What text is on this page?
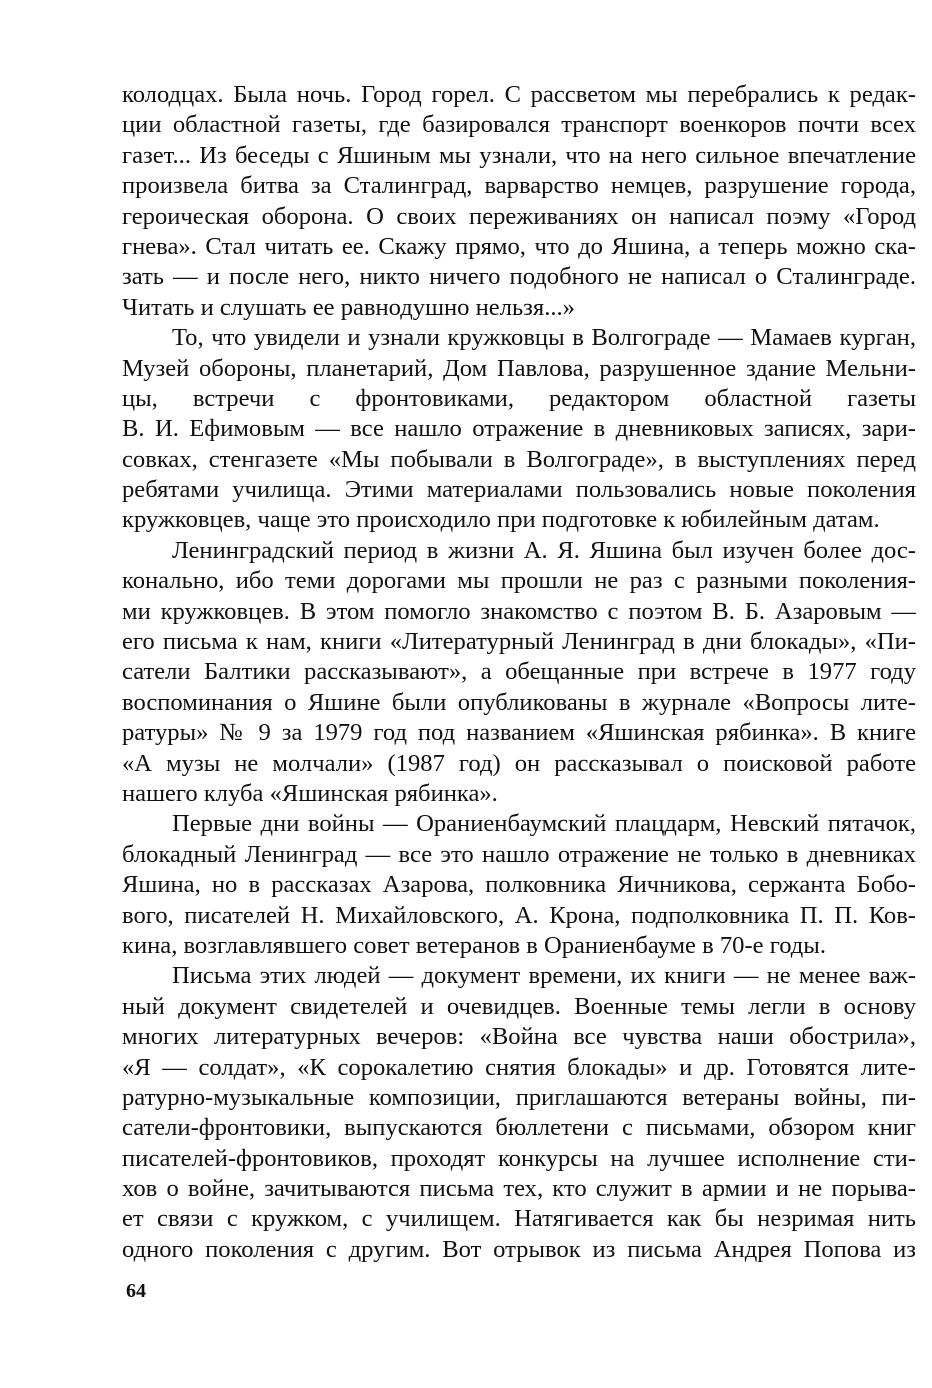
колодцах. Была ночь. Город горел. С рассветом мы перебрались к редак-
ции областной газеты, где базировался транспорт военкоров почти всех
газет... Из беседы с Яшиным мы узнали, что на него сильное впечатление
произвела битва за Сталинград, варварство немцев, разрушение города,
героическая оборона. О своих переживаниях он написал поэму «Город
гнева». Стал читать ее. Скажу прямо, что до Яшина, а теперь можно ска-
зать — и после него, никто ничего подобного не написал о Сталинграде.
Читать и слушать ее равнодушно нельзя...»
То, что увидели и узнали кружковцы в Волгограде — Мамаев курган,
Музей обороны, планетарий, Дом Павлова, разрушенное здание Мельни-
цы, встречи с фронтовиками, редактором областной газеты
В. И. Ефимовым — все нашло отражение в дневниковых записях, зари-
совках, стенгазете «Мы побывали в Волгограде», в выступлениях перед
ребятами училища. Этими материалами пользовались новые поколения
кружковцев, чаще это происходило при подготовке к юбилейным датам.
Ленинградский период в жизни А. Я. Яшина был изучен более дос-
конально, ибо теми дорогами мы прошли не раз с разными поколения-
ми кружковцев. В этом помогло знакомство с поэтом В. Б. Азаровым —
его письма к нам, книги «Литературный Ленинград в дни блокады», «Пи-
сатели Балтики рассказывают», а обещанные при встрече в 1977 году
воспоминания о Яшине были опубликованы в журнале «Вопросы лите-
ратуры» № 9 за 1979 год под названием «Яшинская рябинка». В книге
«А музы не молчали» (1987 год) он рассказывал о поисковой работе
нашего клуба «Яшинская рябинка».
Первые дни войны — Ораниенбаумский плацдарм, Невский пятачок,
блокадный Ленинград — все это нашло отражение не только в дневниках
Яшина, но в рассказах Азарова, полковника Яичникова, сержанта Бобо-
вого, писателей Н. Михайловского, А. Крона, подполковника П. П. Ков-
кина, возглавлявшего совет ветеранов в Ораниенбауме в 70-е годы.
Письма этих людей — документ времени, их книги — не менее важ-
ный документ свидетелей и очевидцев. Военные темы легли в основу
многих литературных вечеров: «Война все чувства наши обострила»,
«Я — солдат», «К сорокалетию снятия блокады» и др. Готовятся лите-
ратурно-музыкальные композиции, приглашаются ветераны войны, пи-
сатели-фронтовики, выпускаются бюллетени с письмами, обзором книг
писателей-фронтовиков, проходят конкурсы на лучшее исполнение сти-
хов о войне, зачитываются письма тех, кто служит в армии и не порыва-
ет связи с кружком, с училищем. Натягивается как бы незримая нить
одного поколения с другим. Вот отрывок из письма Андрея Попова из
64
